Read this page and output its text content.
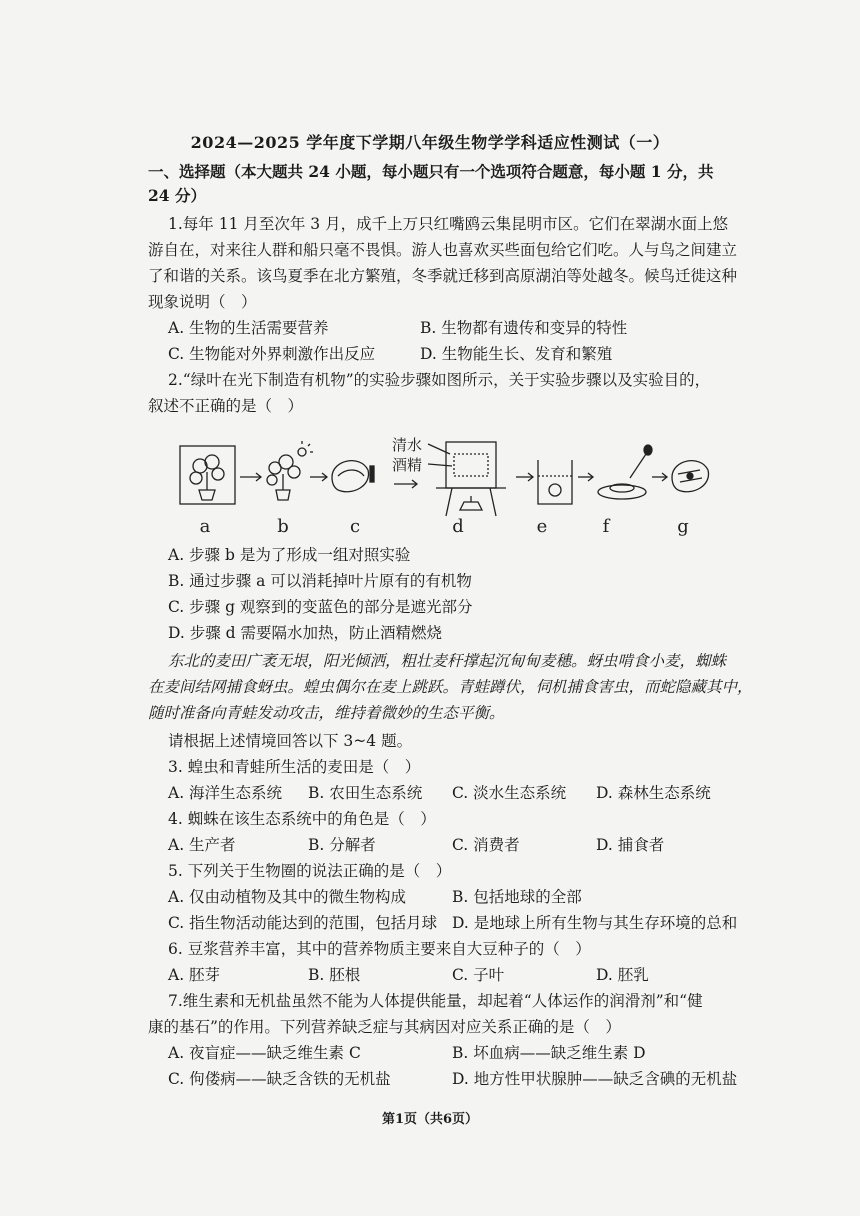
2024—2025 学年度下学期八年级生物学学科适应性测试（一）
一、选择题（本大题共 24 小题，每小题只有一个选项符合题意，每小题 1 分，共
24 分）
1.每年 11 月至次年 3 月，成千上万只红嘴鸥云集昆明市区。它们在翠湖水面上悠
游自在，对来往人群和船只毫不畏惧。游人也喜欢买些面包给它们吃。人与鸟之间建立
了和谐的关系。该鸟夏季在北方繁殖，冬季就迁移到高原湖泊等处越冬。候鸟迁徙这种
现象说明（　）
A. 生物的生活需要营养	B. 生物都有遗传和变异的特性
C. 生物能对外界刺激作出反应	D. 生物能生长、发育和繁殖
2.“绿叶在光下制造有机物”的实验步骤如图所示，关于实验步骤以及实验目的，
叙述不正确的是（　）
清水
酒精
a	b	c	d	e	f	g
A. 步骤 b 是为了形成一组对照实验
B. 通过步骤 a 可以消耗掉叶片原有的有机物
C. 步骤 g 观察到的变蓝色的部分是遮光部分
D. 步骤 d 需要隔水加热，防止酒精燃烧
东北的麦田广袤无垠，阳光倾洒，粗壮麦秆撑起沉甸甸麦穗。蚜虫啃食小麦，蜘蛛
在麦间结网捕食蚜虫。蝗虫偶尔在麦上跳跃。青蛙蹲伏，伺机捕食害虫，而蛇隐藏其中，
随时准备向青蛙发动攻击，维持着微妙的生态平衡。
请根据上述情境回答以下 3~4 题。
3. 蝗虫和青蛙所生活的麦田是（　）
A. 海洋生态系统 B. 农田生态系统 C. 淡水生态系统 D. 森林生态系统
4. 蜘蛛在该生态系统中的角色是（　）
A. 生产者	B. 分解者	C. 消费者	D. 捕食者
5. 下列关于生物圈的说法正确的是（　）
A. 仅由动植物及其中的微生物构成	B. 包括地球的全部
C. 指生物活动能达到的范围，包括月球 D. 是地球上所有生物与其生存环境的总和
6. 豆浆营养丰富，其中的营养物质主要来自大豆种子的（　）
A. 胚芽	B. 胚根	C. 子叶	D. 胚乳
7.维生素和无机盐虽然不能为人体提供能量，却起着“人体运作的润滑剂”和“健
康的基石”的作用。下列营养缺乏症与其病因对应关系正确的是（　）
A. 夜盲症——缺乏维生素 C	B. 坏血病——缺乏维生素 D
C. 佝偻病——缺乏含铁的无机盐	D. 地方性甲状腺肿——缺乏含碘的无机盐
第1页（共6页）
